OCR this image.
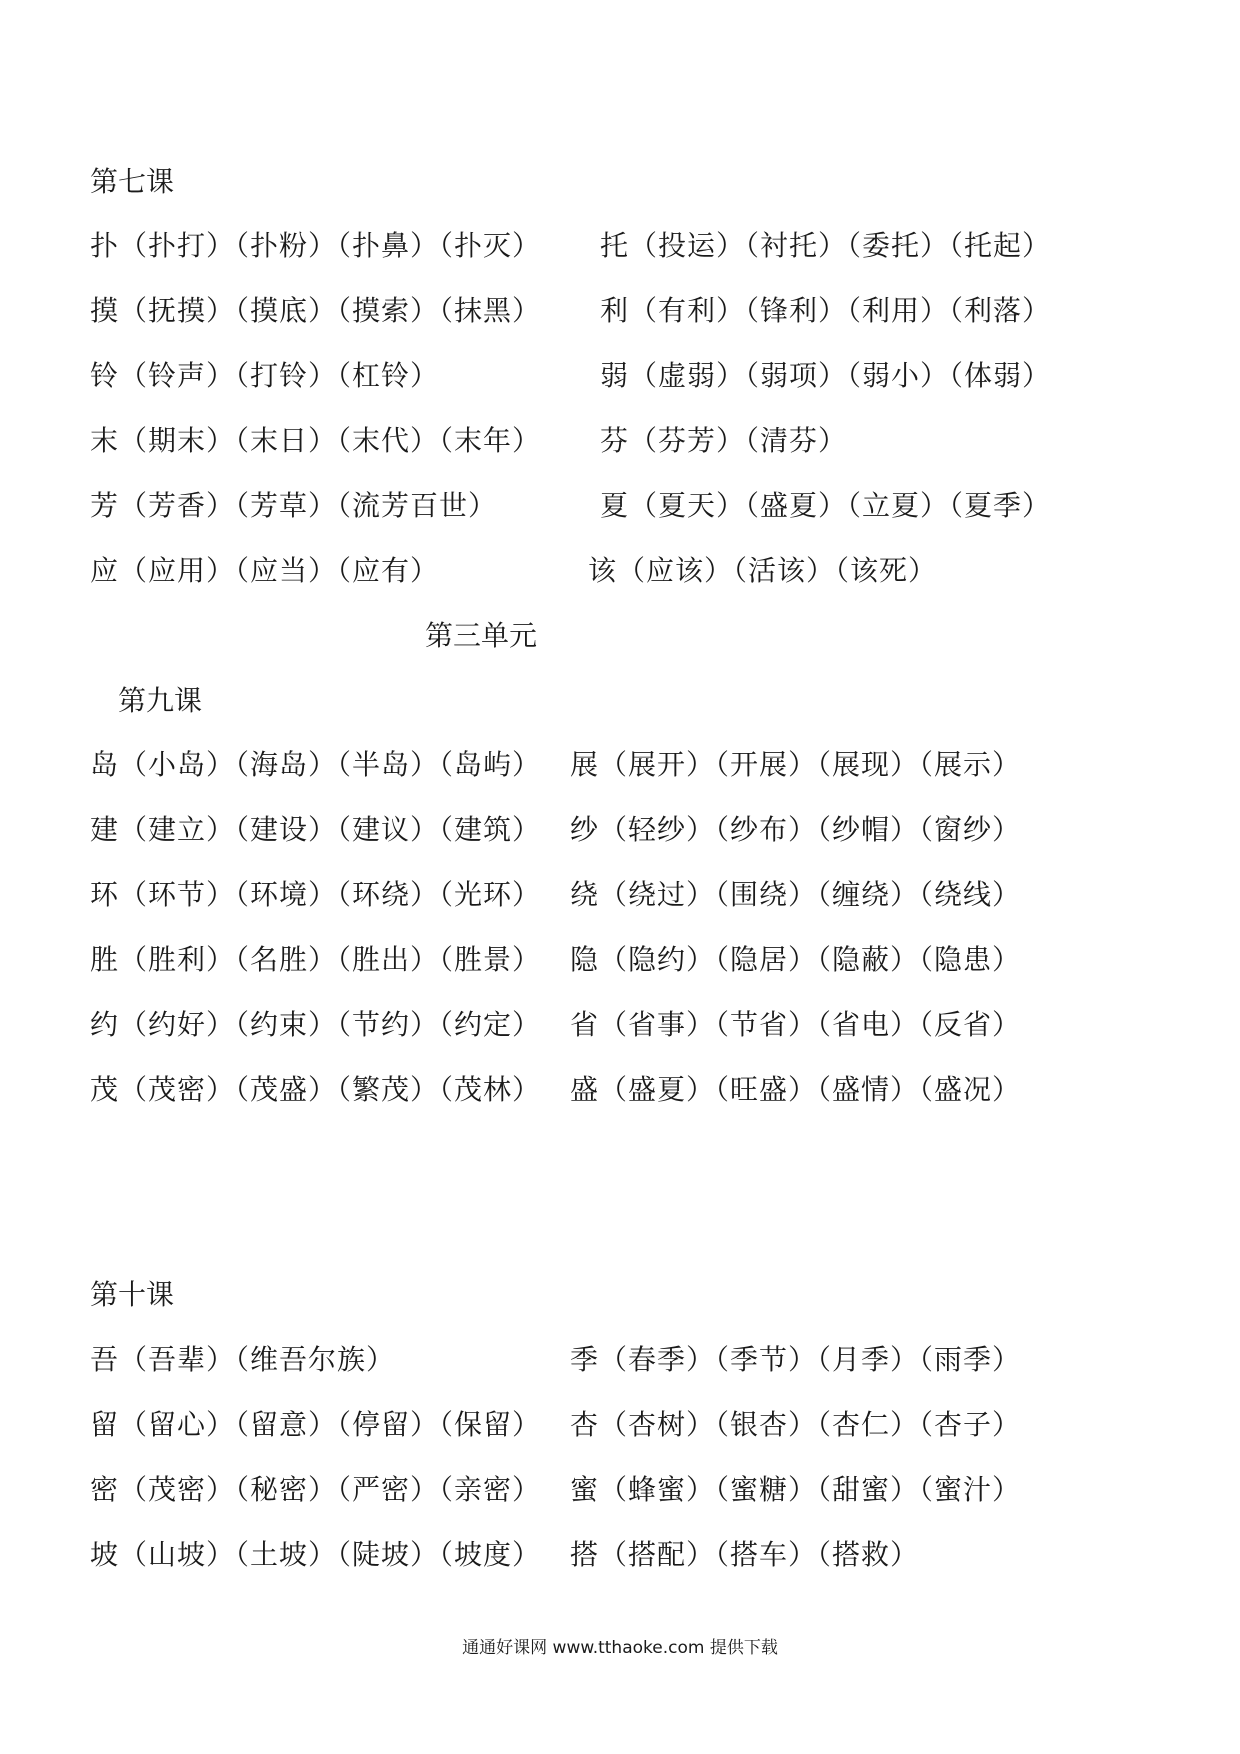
第七课
扑（扑打）（扑粉）（扑鼻）（扑灭） 托（投运）（衬托）（委托）（托起）
摸（抚摸）（摸底）（摸索）（抹黑） 利（有利）（锋利）（利用）（利落）
铃（铃声）（打铃）（杠铃）	弱（虚弱）（弱项）（弱小）（体弱）
末（期末）（末日）（末代）（末年） 芬（芬芳）（清芬）
芳（芳香）（芳草）（流芳百世）	夏（夏天）（盛夏）（立夏）（夏季）
应（应用）（应当）（应有）	该（应该）（活该）（该死）
第三单元
第九课
岛（小岛）（海岛）（半岛）（岛屿） 展（展开）（开展）（展现）（展示）
建（建立）（建设）（建议）（建筑） 纱（轻纱）（纱布）（纱帽）（窗纱）
环（环节）（环境）（环绕）（光环） 绕（绕过）（围绕）（缠绕）（绕线）
胜（胜利）（名胜）（胜出）（胜景） 隐（隐约）（隐居）（隐蔽）（隐患）
约（约好）（约束）（节约）（约定） 省（省事）（节省）（省电）（反省）
茂（茂密）（茂盛）（繁茂）（茂林） 盛（盛夏）（旺盛）（盛情）（盛况）
第十课
吾（吾辈）（维吾尔族）	季（春季）（季节）（月季）（雨季）
留（留心）（留意）（停留）（保留） 杏（杏树）（银杏）（杏仁）（杏子）
密（茂密）（秘密）（严密）（亲密） 蜜（蜂蜜）（蜜糖）（甜蜜）（蜜汁）
坡（山坡）（土坡）（陡坡）（坡度） 搭（搭配）（搭车）（搭救）
通通好课网 www.tthaoke.com 提供下载
